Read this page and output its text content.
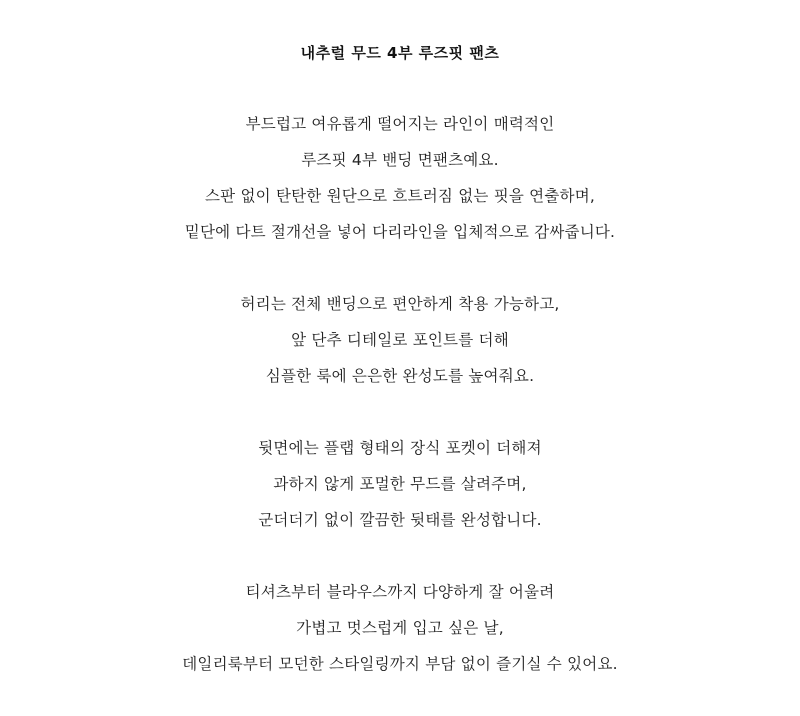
내추럴 무드 4부 루즈핏 팬츠
부드럽고 여유롭게 떨어지는 라인이 매력적인
루즈핏 4부 밴딩 면팬츠예요.
스판 없이 탄탄한 원단으로 흐트러짐 없는 핏을 연출하며,
밑단에 다트 절개선을 넣어 다리라인을 입체적으로 감싸줍니다.
허리는 전체 밴딩으로 편안하게 착용 가능하고,
앞 단추 디테일로 포인트를 더해
심플한 룩에 은은한 완성도를 높여줘요.
뒷면에는 플랩 형태의 장식 포켓이 더해져
과하지 않게 포멀한 무드를 살려주며,
군더더기 없이 깔끔한 뒷태를 완성합니다.
티셔츠부터 블라우스까지 다양하게 잘 어울려
가볍고 멋스럽게 입고 싶은 날,
데일리룩부터 모던한 스타일링까지 부담 없이 즐기실 수 있어요.
